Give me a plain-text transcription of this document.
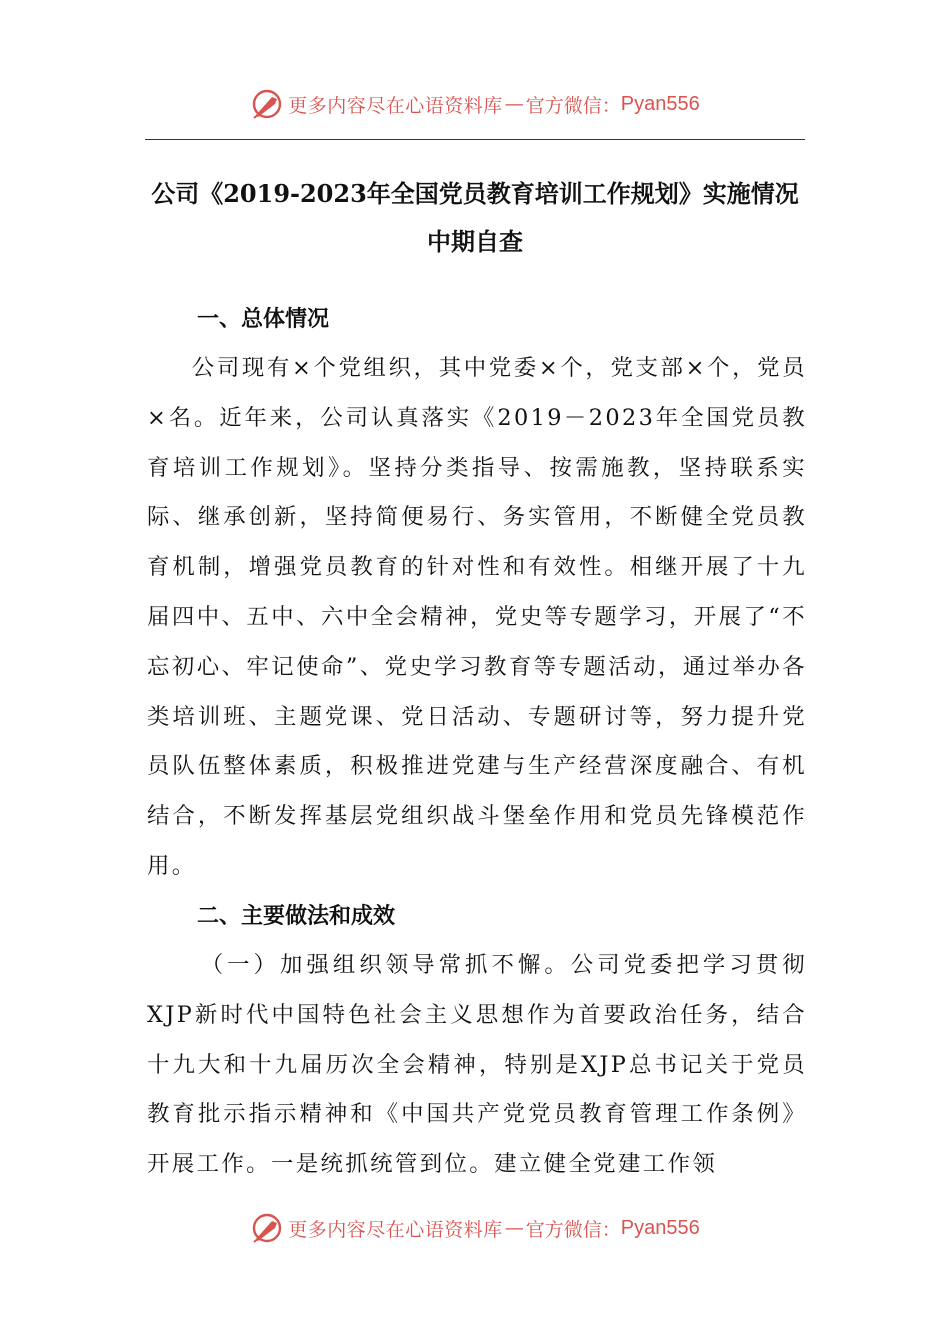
更多内容尽在心语资料库 — 官方微信： Pyan556
公司《2019-2023年全国党员教育培训工作规划》实施情况
中期自查
一、总体情况
公司现有×个党组织，其中党委×个，党支部×个，党员×名。近年来，公司认真落实《2019－2023年全国党员教育培训工作规划》。坚持分类指导、按需施教，坚持联系实际、继承创新，坚持简便易行、务实管用，不断健全党员教育机制，增强党员教育的针对性和有效性。相继开展了十九届四中、五中、六中全会精神，党史等专题学习，开展了“不忘初心、牢记使命”、党史学习教育等专题活动，通过举办各类培训班、主题党课、党日活动、专题研讨等，努力提升党员队伍整体素质，积极推进党建与生产经营深度融合、有机结合，不断发挥基层党组织战斗堡垒作用和党员先锋模范作用。
二、主要做法和成效
（一）加强组织领导常抓不懈。公司党委把学习贯彻XJP新时代中国特色社会主义思想作为首要政治任务，结合十九大和十九届历次全会精神，特别是XJP总书记关于党员教育批示指示精神和《中国共产党党员教育管理工作条例》开展工作。一是统抓统管到位。建立健全党建工作领
更多内容尽在心语资料库 — 官方微信： Pyan556
